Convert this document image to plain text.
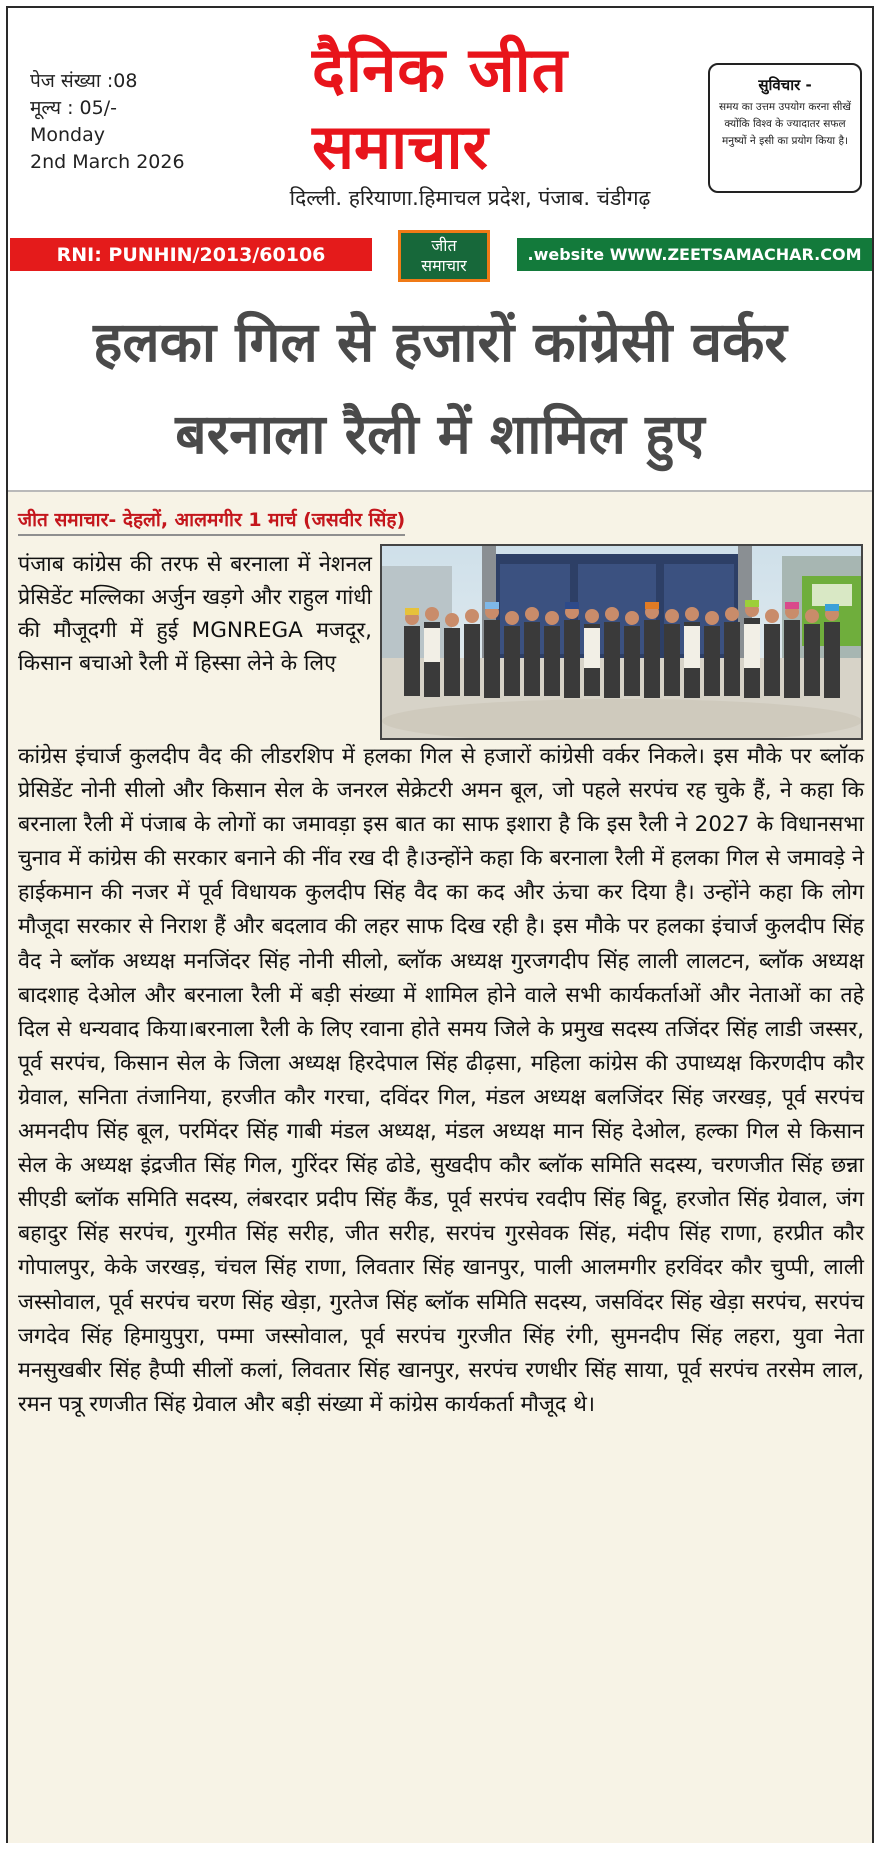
पेज संख्या :08
मूल्य : 05/-
Monday
2nd March 2026
दैनिक जीत
समाचार
दिल्ली. हरियाणा.हिमाचल प्रदेश, पंजाब. चंडीगढ़
सुविचार -
समय का उत्तम उपयोग करना सीखें क्योंकि विश्व के ज्यादातर सफल मनुष्यों ने इसी का प्रयोग किया है।
RNI: PUNHIN/2013/60106	जीत
समाचार
.website WWW.ZEETSAMACHAR.COM
हलका गिल से हजारों कांग्रेसी वर्कर
बरनाला रैली में शामिल हुए
जीत समाचार- देहलों, आलमगीर 1 मार्च (जसवीर सिंह)
पंजाब कांग्रेस की तरफ से बरनाला में नेशनल प्रेसिडेंट मल्लिका अर्जुन खड़गे और राहुल गांधी की मौजूदगी में हुई MGNREGA मजदूर, किसान बचाओ रैली में हिस्सा लेने के लिए
कांग्रेस इंचार्ज कुलदीप वैद की लीडरशिप में हलका गिल से हजारों कांग्रेसी वर्कर निकले। इस मौके पर ब्लॉक प्रेसिडेंट नोनी सीलो और किसान सेल के जनरल सेक्रेटरी अमन बूल, जो पहले सरपंच रह चुके हैं, ने कहा कि बरनाला रैली में पंजाब के लोगों का जमावड़ा इस बात का साफ इशारा है कि इस रैली ने 2027 के विधानसभा चुनाव में कांग्रेस की सरकार बनाने की नींव रख दी है।उन्होंने कहा कि बरनाला रैली में हलका गिल से जमावड़े ने हाईकमान की नजर में पूर्व विधायक कुलदीप सिंह वैद का कद और ऊंचा कर दिया है। उन्होंने कहा कि लोग मौजूदा सरकार से निराश हैं और बदलाव की लहर साफ दिख रही है। इस मौके पर हलका इंचार्ज कुलदीप सिंह वैद ने ब्लॉक अध्यक्ष मनजिंदर सिंह नोनी सीलो, ब्लॉक अध्यक्ष गुरजगदीप सिंह लाली लालटन, ब्लॉक अध्यक्ष बादशाह देओल और बरनाला रैली में बड़ी संख्या में शामिल होने वाले सभी कार्यकर्ताओं और नेताओं का तहे दिल से धन्यवाद किया।बरनाला रैली के लिए रवाना होते समय जिले के प्रमुख सदस्य तजिंदर सिंह लाडी जस्सर, पूर्व सरपंच, किसान सेल के जिला अध्यक्ष हिरदेपाल सिंह ढीढ़सा, महिला कांग्रेस की उपाध्यक्ष किरणदीप कौर ग्रेवाल, सनिता तंजानिया, हरजीत कौर गरचा, दविंदर गिल, मंडल अध्यक्ष बलजिंदर सिंह जरखड़, पूर्व सरपंच अमनदीप सिंह बूल, परमिंदर सिंह गाबी मंडल अध्यक्ष, मंडल अध्यक्ष मान सिंह देओल, हल्का गिल से किसान सेल के अध्यक्ष इंद्रजीत सिंह गिल, गुरिंदर सिंह ढोडे, सुखदीप कौर ब्लॉक समिति सदस्य, चरणजीत सिंह छन्ना सीएडी ब्लॉक समिति सदस्य, लंबरदार प्रदीप सिंह कैंड, पूर्व सरपंच रवदीप सिंह बिट्टू, हरजोत सिंह ग्रेवाल, जंग बहादुर सिंह सरपंच, गुरमीत सिंह सरीह, जीत सरीह, सरपंच गुरसेवक सिंह, मंदीप सिंह राणा, हरप्रीत कौर गोपालपुर, केके जरखड़, चंचल सिंह राणा, लिवतार सिंह खानपुर, पाली आलमगीर हरविंदर कौर चुप्पी, लाली जस्सोवाल, पूर्व सरपंच चरण सिंह खेड़ा, गुरतेज सिंह ब्लॉक समिति सदस्य, जसविंदर सिंह खेड़ा सरपंच, सरपंच जगदेव सिंह हिमायुपुरा, पम्मा जस्सोवाल, पूर्व सरपंच गुरजीत सिंह रंगी, सुमनदीप सिंह लहरा, युवा नेता मनसुखबीर सिंह हैप्पी सीलों कलां, लिवतार सिंह खानपुर, सरपंच रणधीर सिंह साया, पूर्व सरपंच तरसेम लाल, रमन पत्रू रणजीत सिंह ग्रेवाल और बड़ी संख्या में कांग्रेस कार्यकर्ता मौजूद थे।
